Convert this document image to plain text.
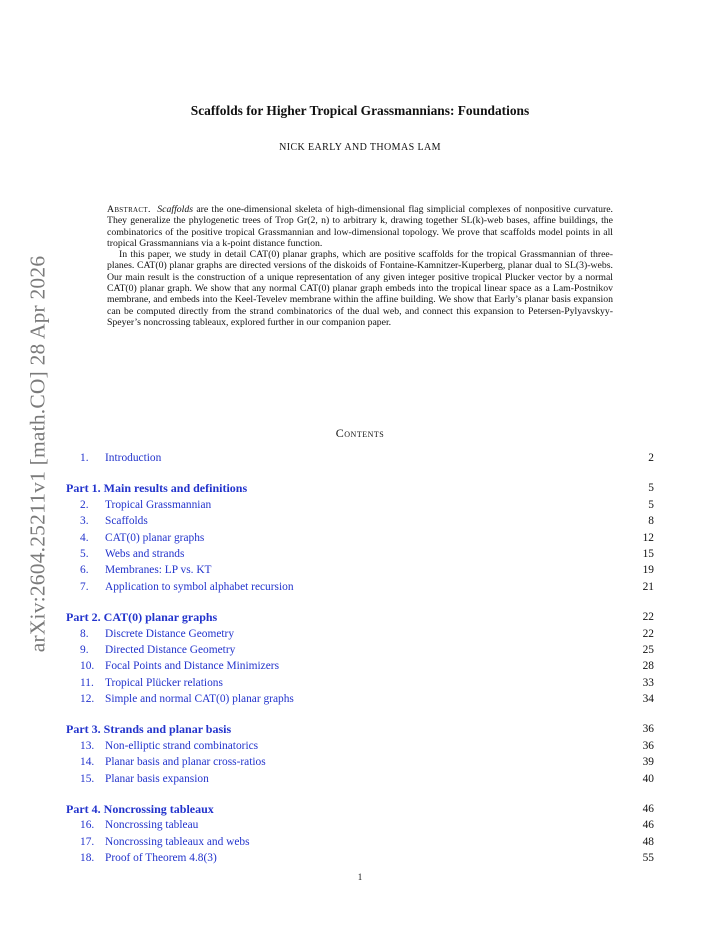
arXiv:2604.25211v1 [math.CO] 28 Apr 2026
Scaffolds for Higher Tropical Grassmannians: Foundations
NICK EARLY AND THOMAS LAM

Abstract. Scaffolds are the one-dimensional skeleta of high-dimensional flag simplicial complexes of nonpositive curvature. They generalize the phylogenetic trees of Trop Gr(2, n) to arbitrary k, drawing together SL(k)-web bases, affine buildings, the combinatorics of the positive tropical Grassmannian and low-dimensional topology. We prove that scaffolds model points in all tropical Grassmannians via a k-point distance function.

In this paper, we study in detail CAT(0) planar graphs, which are positive scaffolds for the tropical Grassmannian of three-planes. CAT(0) planar graphs are directed versions of the diskoids of Fontaine-Kamnitzer-Kuperberg, planar dual to SL(3)-webs. Our main result is the construction of a unique representation of any given integer positive tropical Plucker vector by a normal CAT(0) planar graph. We show that any normal CAT(0) planar graph embeds into the tropical linear space as a Lam-Postnikov membrane, and embeds into the Keel-Tevelev membrane within the affine building. We show that Early’s planar basis expansion can be computed directly from the strand combinatorics of the dual web, and connect this expansion to Petersen-Pylyavskyy-Speyer’s noncrossing tableaux, explored further in our companion paper.

Contents
1. Introduction	2
Part 1. Main results and definitions	5
2. Tropical Grassmannian	5
3. Scaffolds	8
4. CAT(0) planar graphs	12
5. Webs and strands	15
6. Membranes: LP vs. KT	19
7. Application to symbol alphabet recursion	21
Part 2. CAT(0) planar graphs	22
8. Discrete Distance Geometry	22
9. Directed Distance Geometry	25
10. Focal Points and Distance Minimizers	28
11. Tropical Plücker relations	33
12. Simple and normal CAT(0) planar graphs	34
Part 3. Strands and planar basis	36
13. Non-elliptic strand combinatorics	36
14. Planar basis and planar cross-ratios	39
15. Planar basis expansion	40
Part 4. Noncrossing tableaux	46
16. Noncrossing tableau	46
17. Noncrossing tableaux and webs	48
18. Proof of Theorem 4.8(3)	55
1
